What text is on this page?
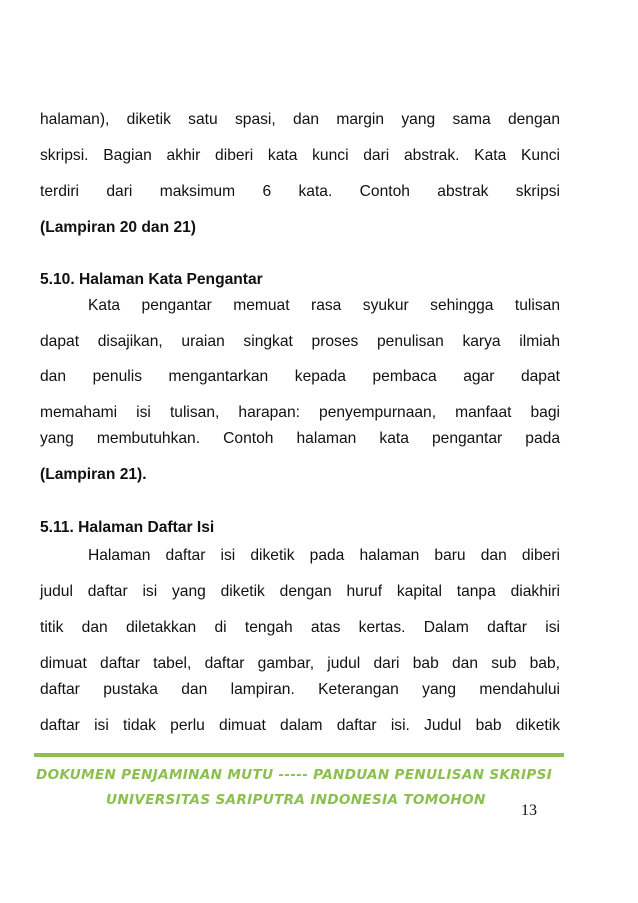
halaman), diketik satu spasi, dan margin yang sama dengan
skripsi. Bagian akhir diberi kata kunci dari abstrak. Kata Kunci
terdiri dari maksimum 6 kata. Contoh abstrak skripsi
(Lampiran 20 dan 21)
5.10. Halaman Kata Pengantar
Kata pengantar memuat rasa syukur sehingga tulisan
dapat disajikan, uraian singkat proses penulisan karya ilmiah
dan penulis mengantarkan kepada pembaca agar dapat
memahami isi tulisan, harapan: penyempurnaan, manfaat bagi
yang membutuhkan. Contoh halaman kata pengantar pada
(Lampiran 21).
5.11. Halaman Daftar Isi
Halaman daftar isi diketik pada halaman baru dan diberi
judul daftar isi yang diketik dengan huruf kapital tanpa diakhiri
titik dan diletakkan di tengah atas kertas. Dalam daftar isi
dimuat daftar tabel, daftar gambar, judul dari bab dan sub bab,
daftar pustaka dan lampiran. Keterangan yang mendahului
daftar isi tidak perlu dimuat dalam daftar isi. Judul bab diketik
DOKUMEN PENJAMINAN MUTU ----- PANDUAN PENULISAN SKRIPSI
UNIVERSITAS SARIPUTRA INDONESIA TOMOHON
13
